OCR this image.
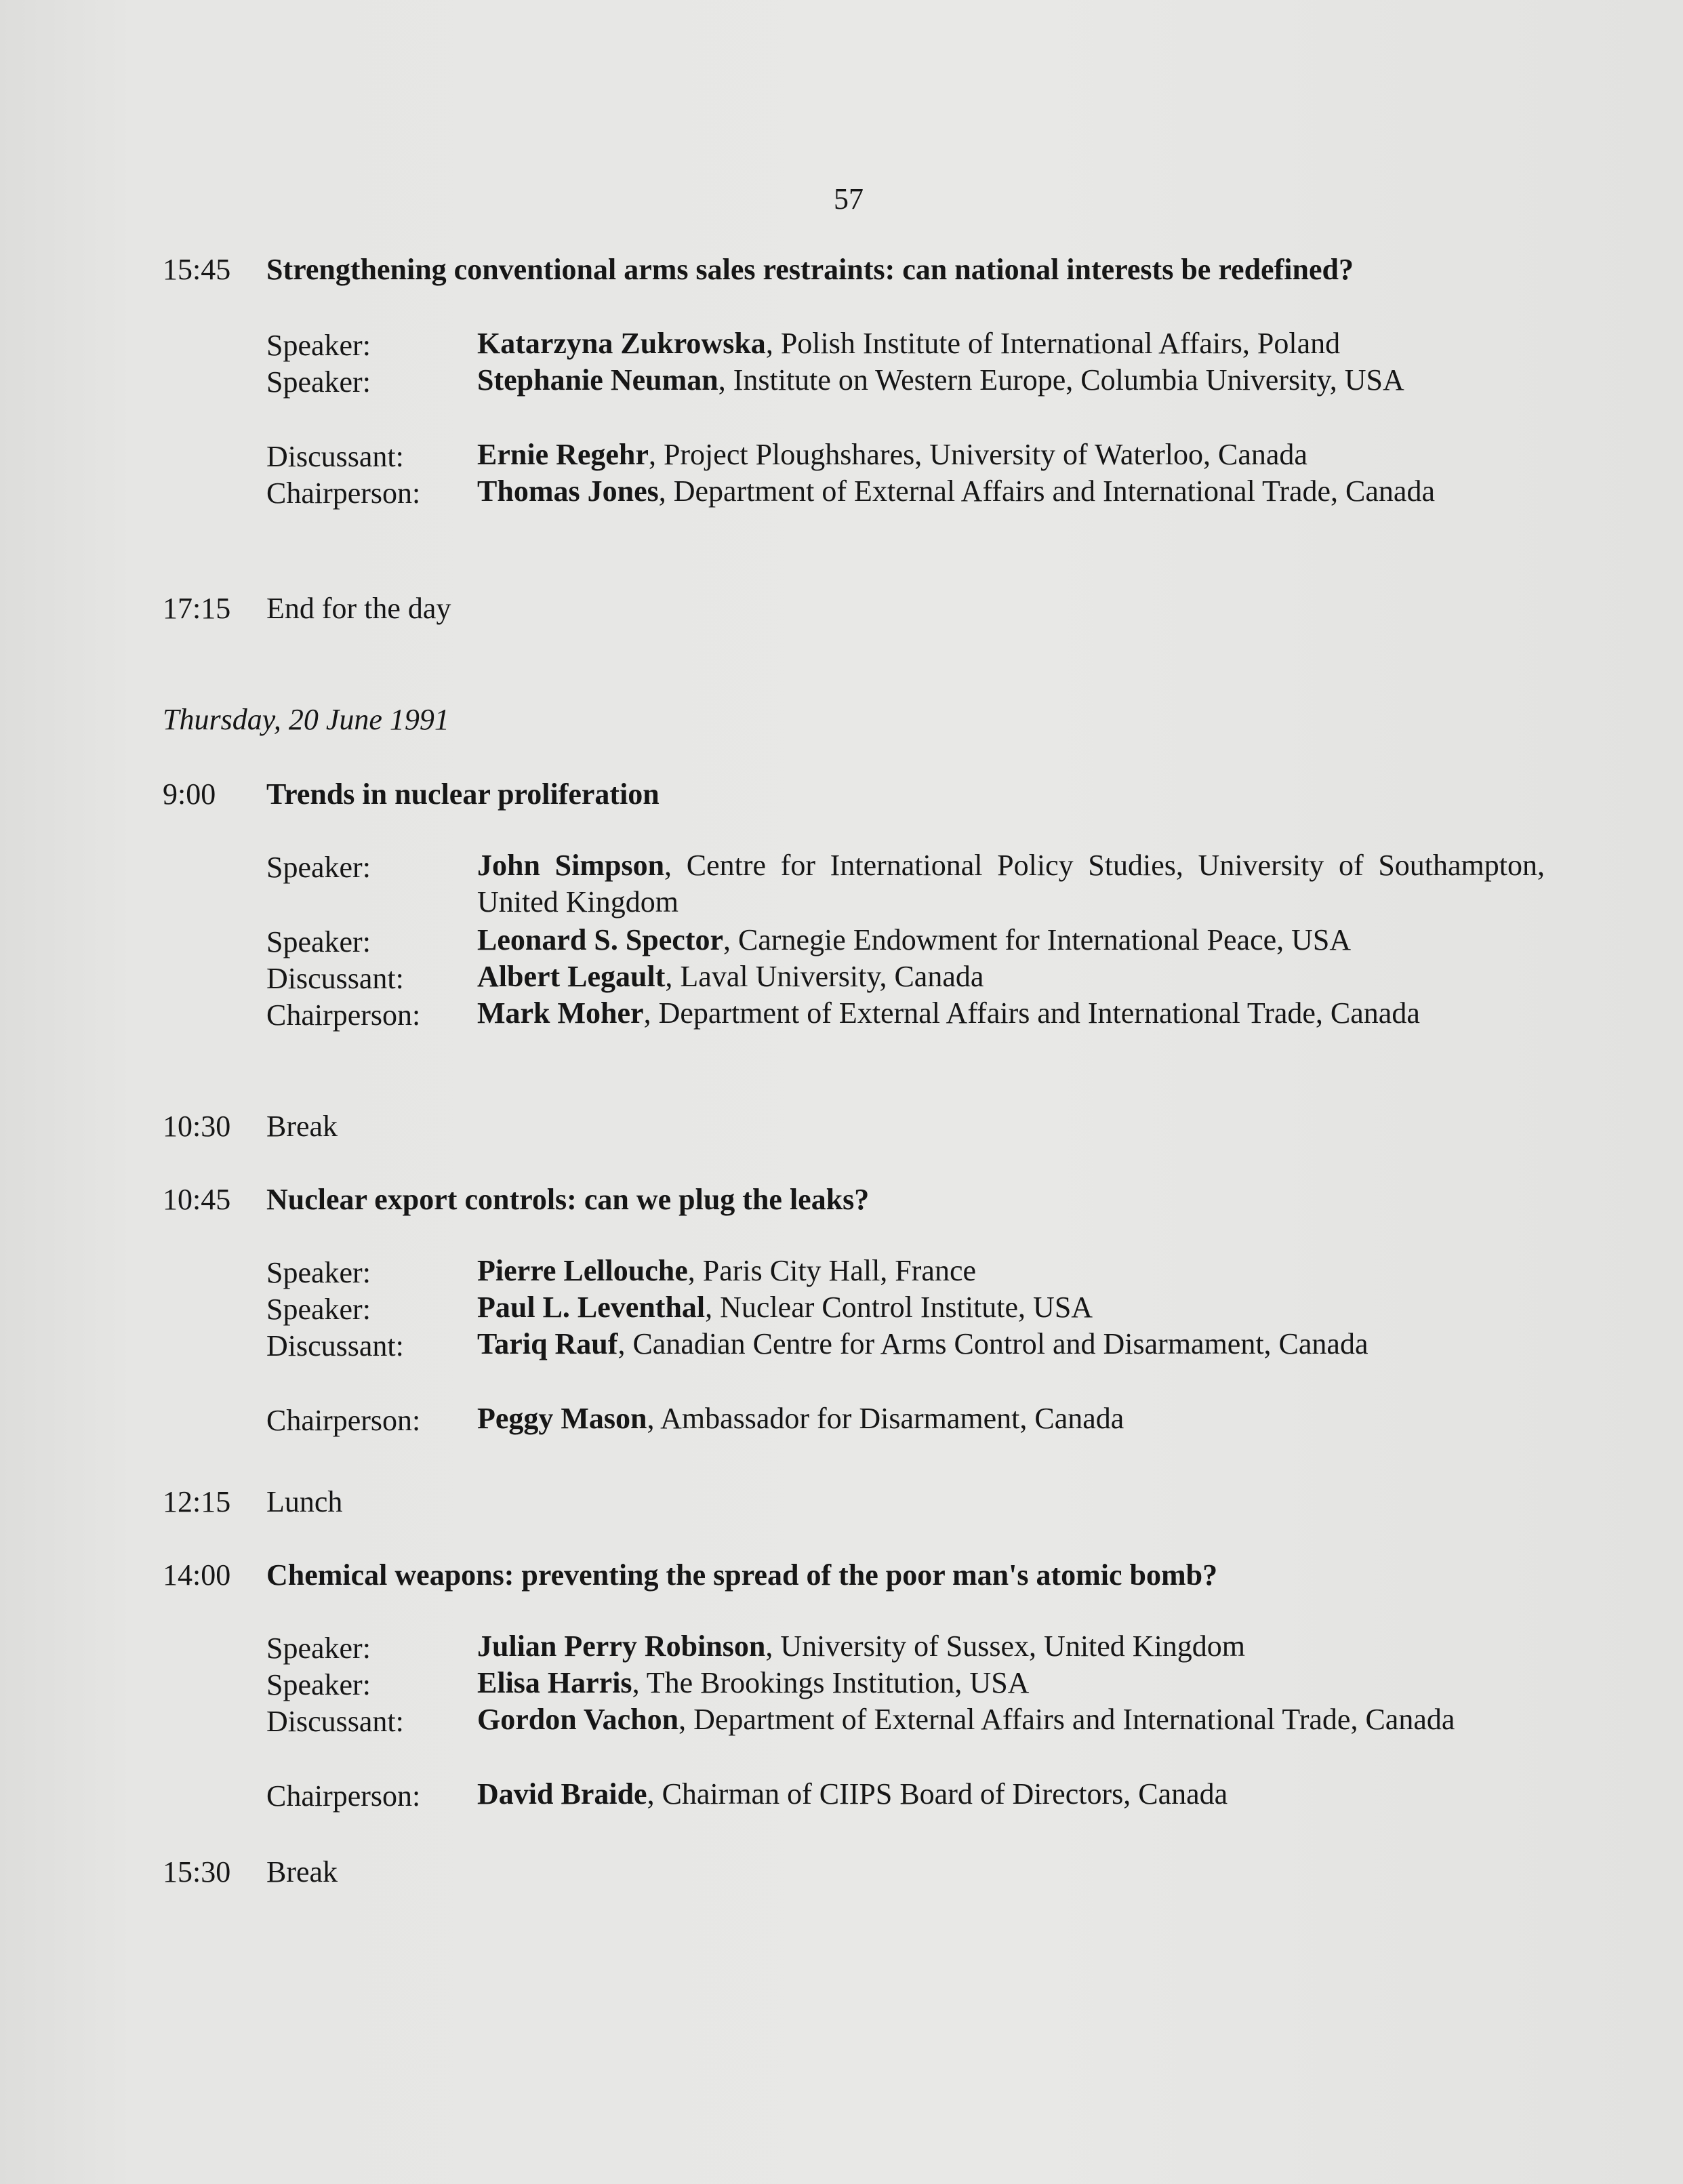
57
15:45 Strengthening conventional arms sales restraints: can national interests be redefined?
Speaker:	Katarzyna Zukrowska, Polish Institute of International Affairs, Poland
Speaker:	Stephanie Neuman, Institute on Western Europe, Columbia University, USA
Discussant: Ernie Regehr, Project Ploughshares, University of Waterloo, Canada
Chairperson: Thomas Jones, Department of External Affairs and International Trade, Canada
17:15 End for the day
Thursday, 20 June 1991
9:00 Trends in nuclear proliferation
Speaker:	John Simpson, Centre for International Policy Studies, University of Southampton, United Kingdom
Speaker:	Leonard S. Spector, Carnegie Endowment for International Peace, USA
Discussant: Albert Legault, Laval University, Canada
Chairperson: Mark Moher, Department of External Affairs and International Trade, Canada
10:30 Break
10:45 Nuclear export controls: can we plug the leaks?
Speaker:	Pierre Lellouche, Paris City Hall, France
Speaker:	Paul L. Leventhal, Nuclear Control Institute, USA
Discussant: Tariq Rauf, Canadian Centre for Arms Control and Disarmament, Canada
Chairperson: Peggy Mason, Ambassador for Disarmament, Canada
12:15 Lunch
14:00 Chemical weapons: preventing the spread of the poor man's atomic bomb?
Speaker:	Julian Perry Robinson, University of Sussex, United Kingdom
Speaker:	Elisa Harris, The Brookings Institution, USA
Discussant: Gordon Vachon, Department of External Affairs and International Trade, Canada
Chairperson: David Braide, Chairman of CIIPS Board of Directors, Canada
15:30 Break
